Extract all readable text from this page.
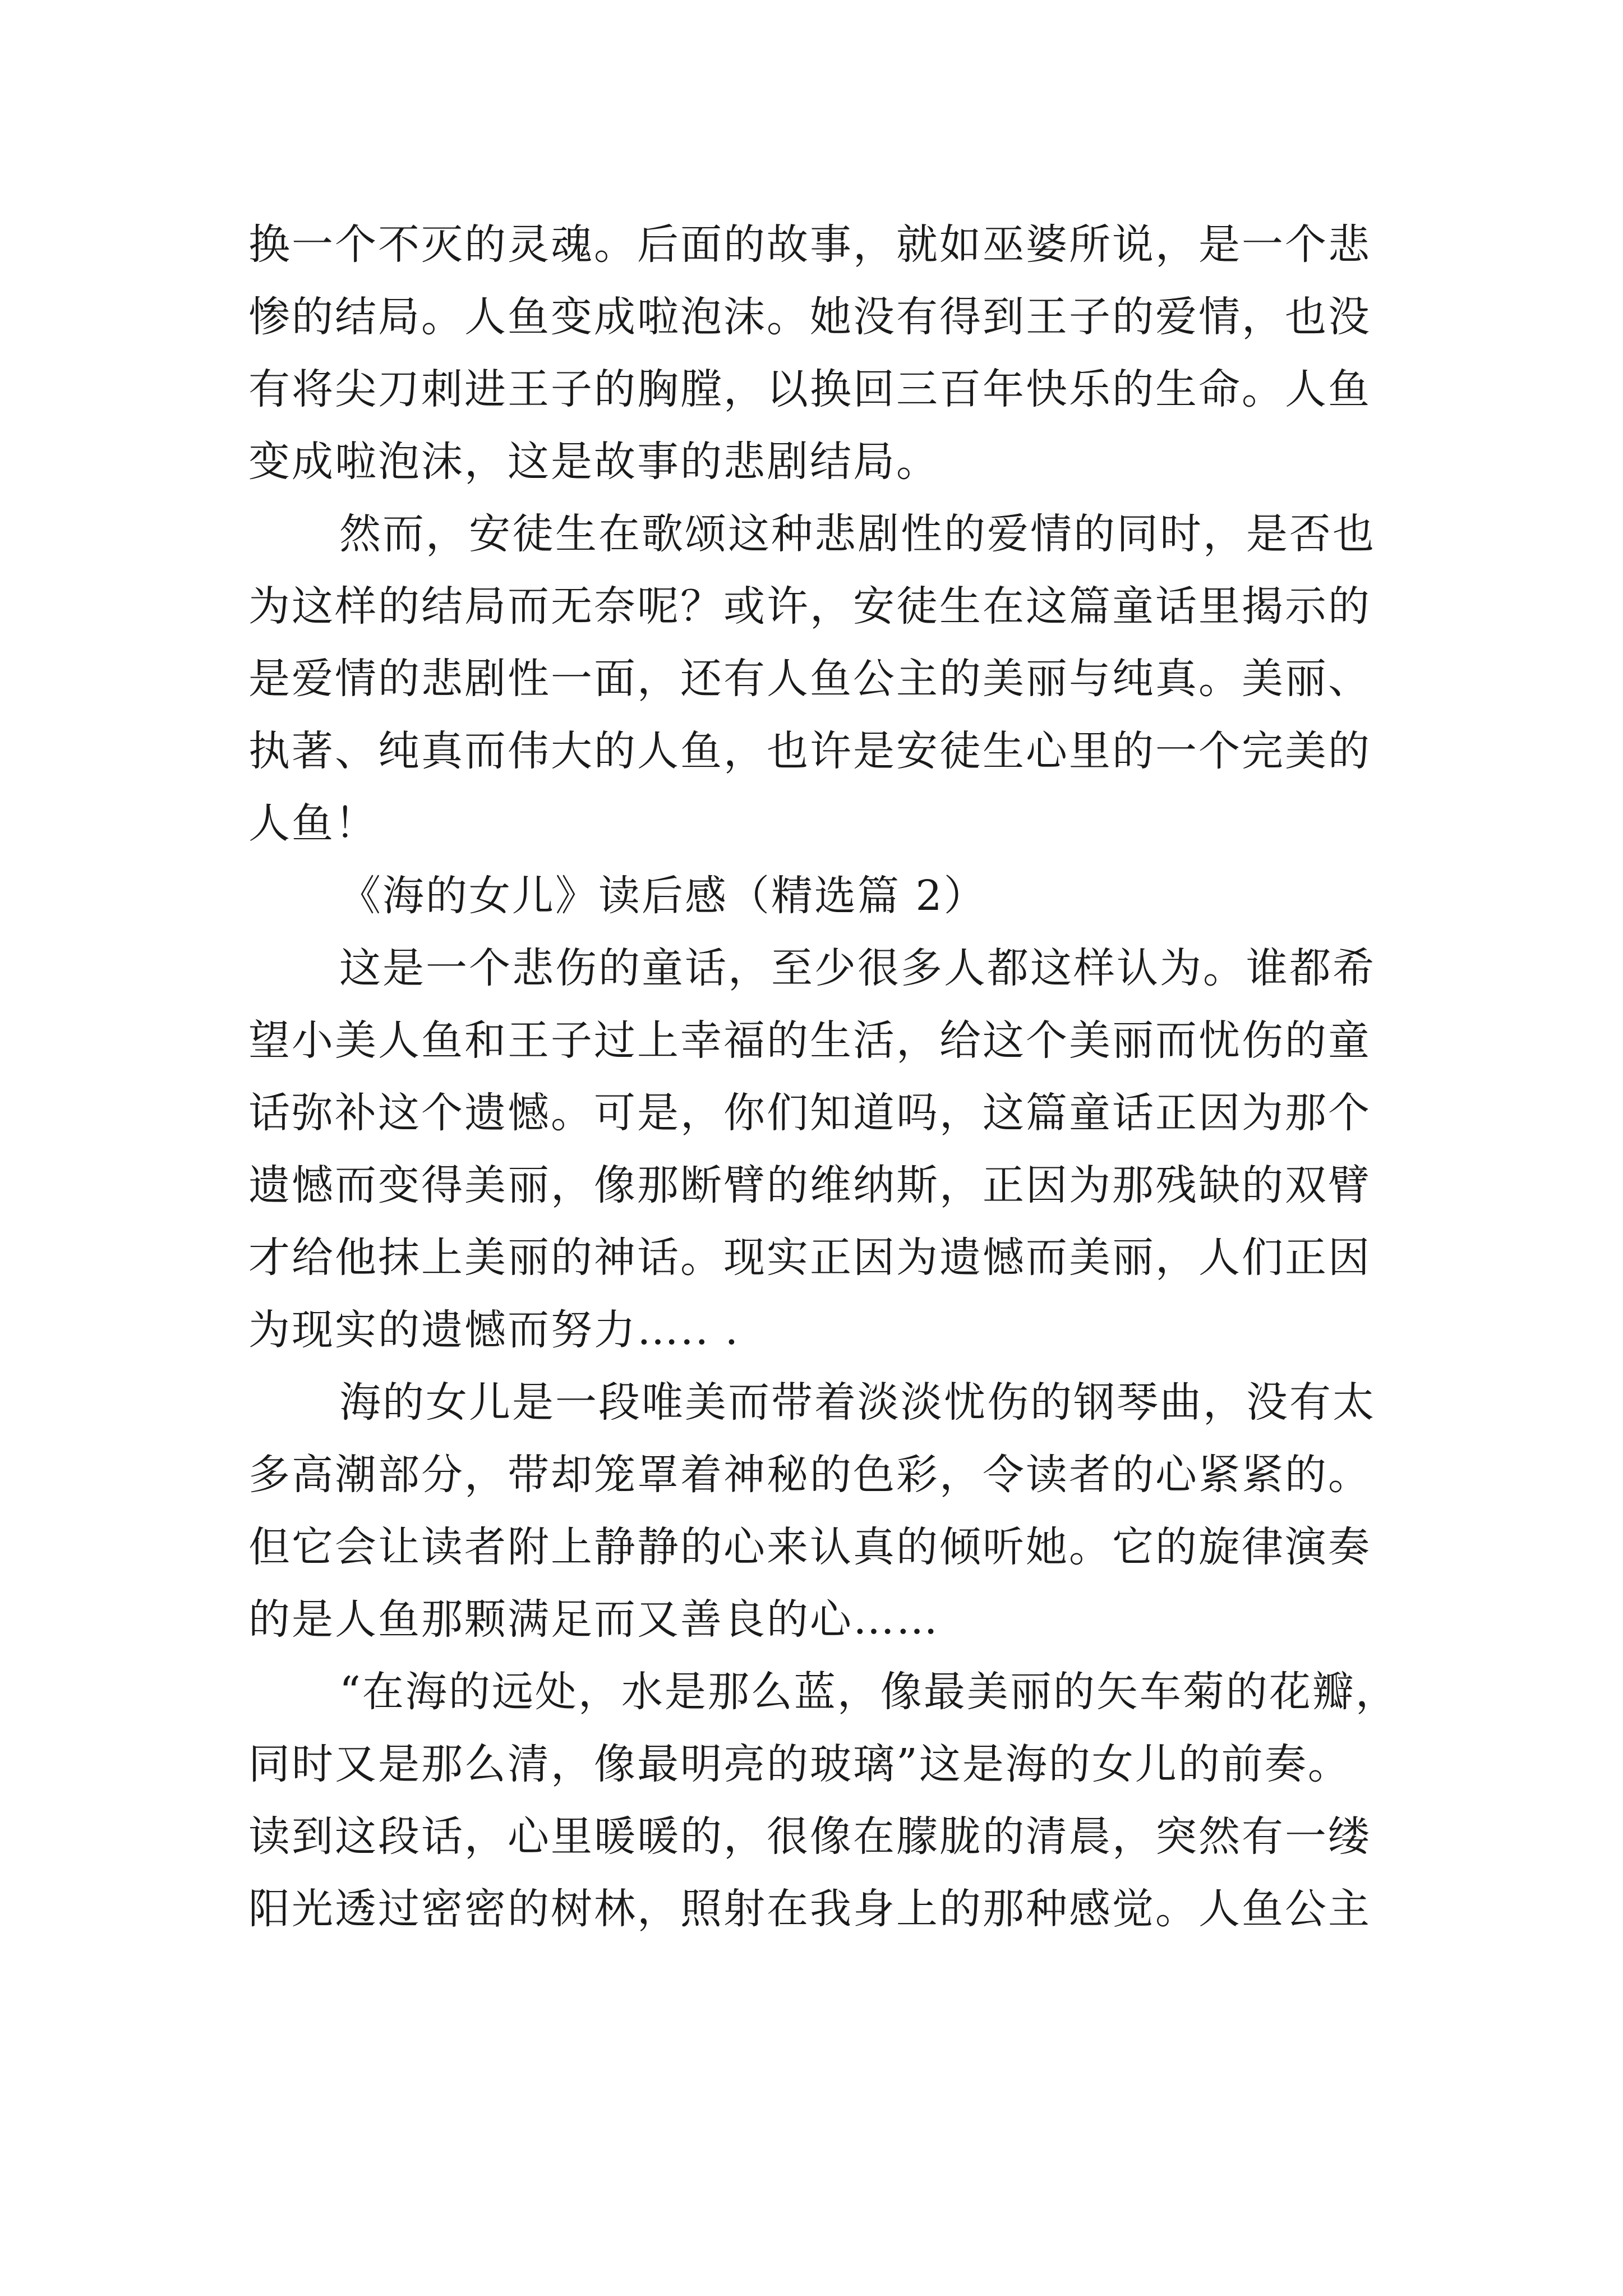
换一个不灭的灵魂。后面的故事，就如巫婆所说，是一个悲
惨的结局。人鱼变成啦泡沫。她没有得到王子的爱情，也没
有将尖刀刺进王子的胸膛，以换回三百年快乐的生命。人鱼
变成啦泡沫，这是故事的悲剧结局。
然而，安徒生在歌颂这种悲剧性的爱情的同时，是否也
为这样的结局而无奈呢？或许，安徒生在这篇童话里揭示的
是爱情的悲剧性一面，还有人鱼公主的美丽与纯真。美丽、
执著、纯真而伟大的人鱼，也许是安徒生心里的一个完美的
人鱼！
《海的女儿》读后感（精选篇 2）
这是一个悲伤的童话，至少很多人都这样认为。谁都希
望小美人鱼和王子过上幸福的生活，给这个美丽而忧伤的童
话弥补这个遗憾。可是，你们知道吗，这篇童话正因为那个
遗憾而变得美丽，像那断臂的维纳斯，正因为那残缺的双臂
才给他抹上美丽的神话。现实正因为遗憾而美丽，人们正因
为现实的遗憾而努力….. .
海的女儿是一段唯美而带着淡淡忧伤的钢琴曲，没有太
多高潮部分，带却笼罩着神秘的色彩，令读者的心紧紧的。
但它会让读者附上静静的心来认真的倾听她。它的旋律演奏
的是人鱼那颗满足而又善良的心……
“在海的远处，水是那么蓝，像最美丽的矢车菊的花瓣，
同时又是那么清，像最明亮的玻璃”这是海的女儿的前奏。
读到这段话，心里暖暖的，很像在朦胧的清晨，突然有一缕
阳光透过密密的树林，照射在我身上的那种感觉。人鱼公主
